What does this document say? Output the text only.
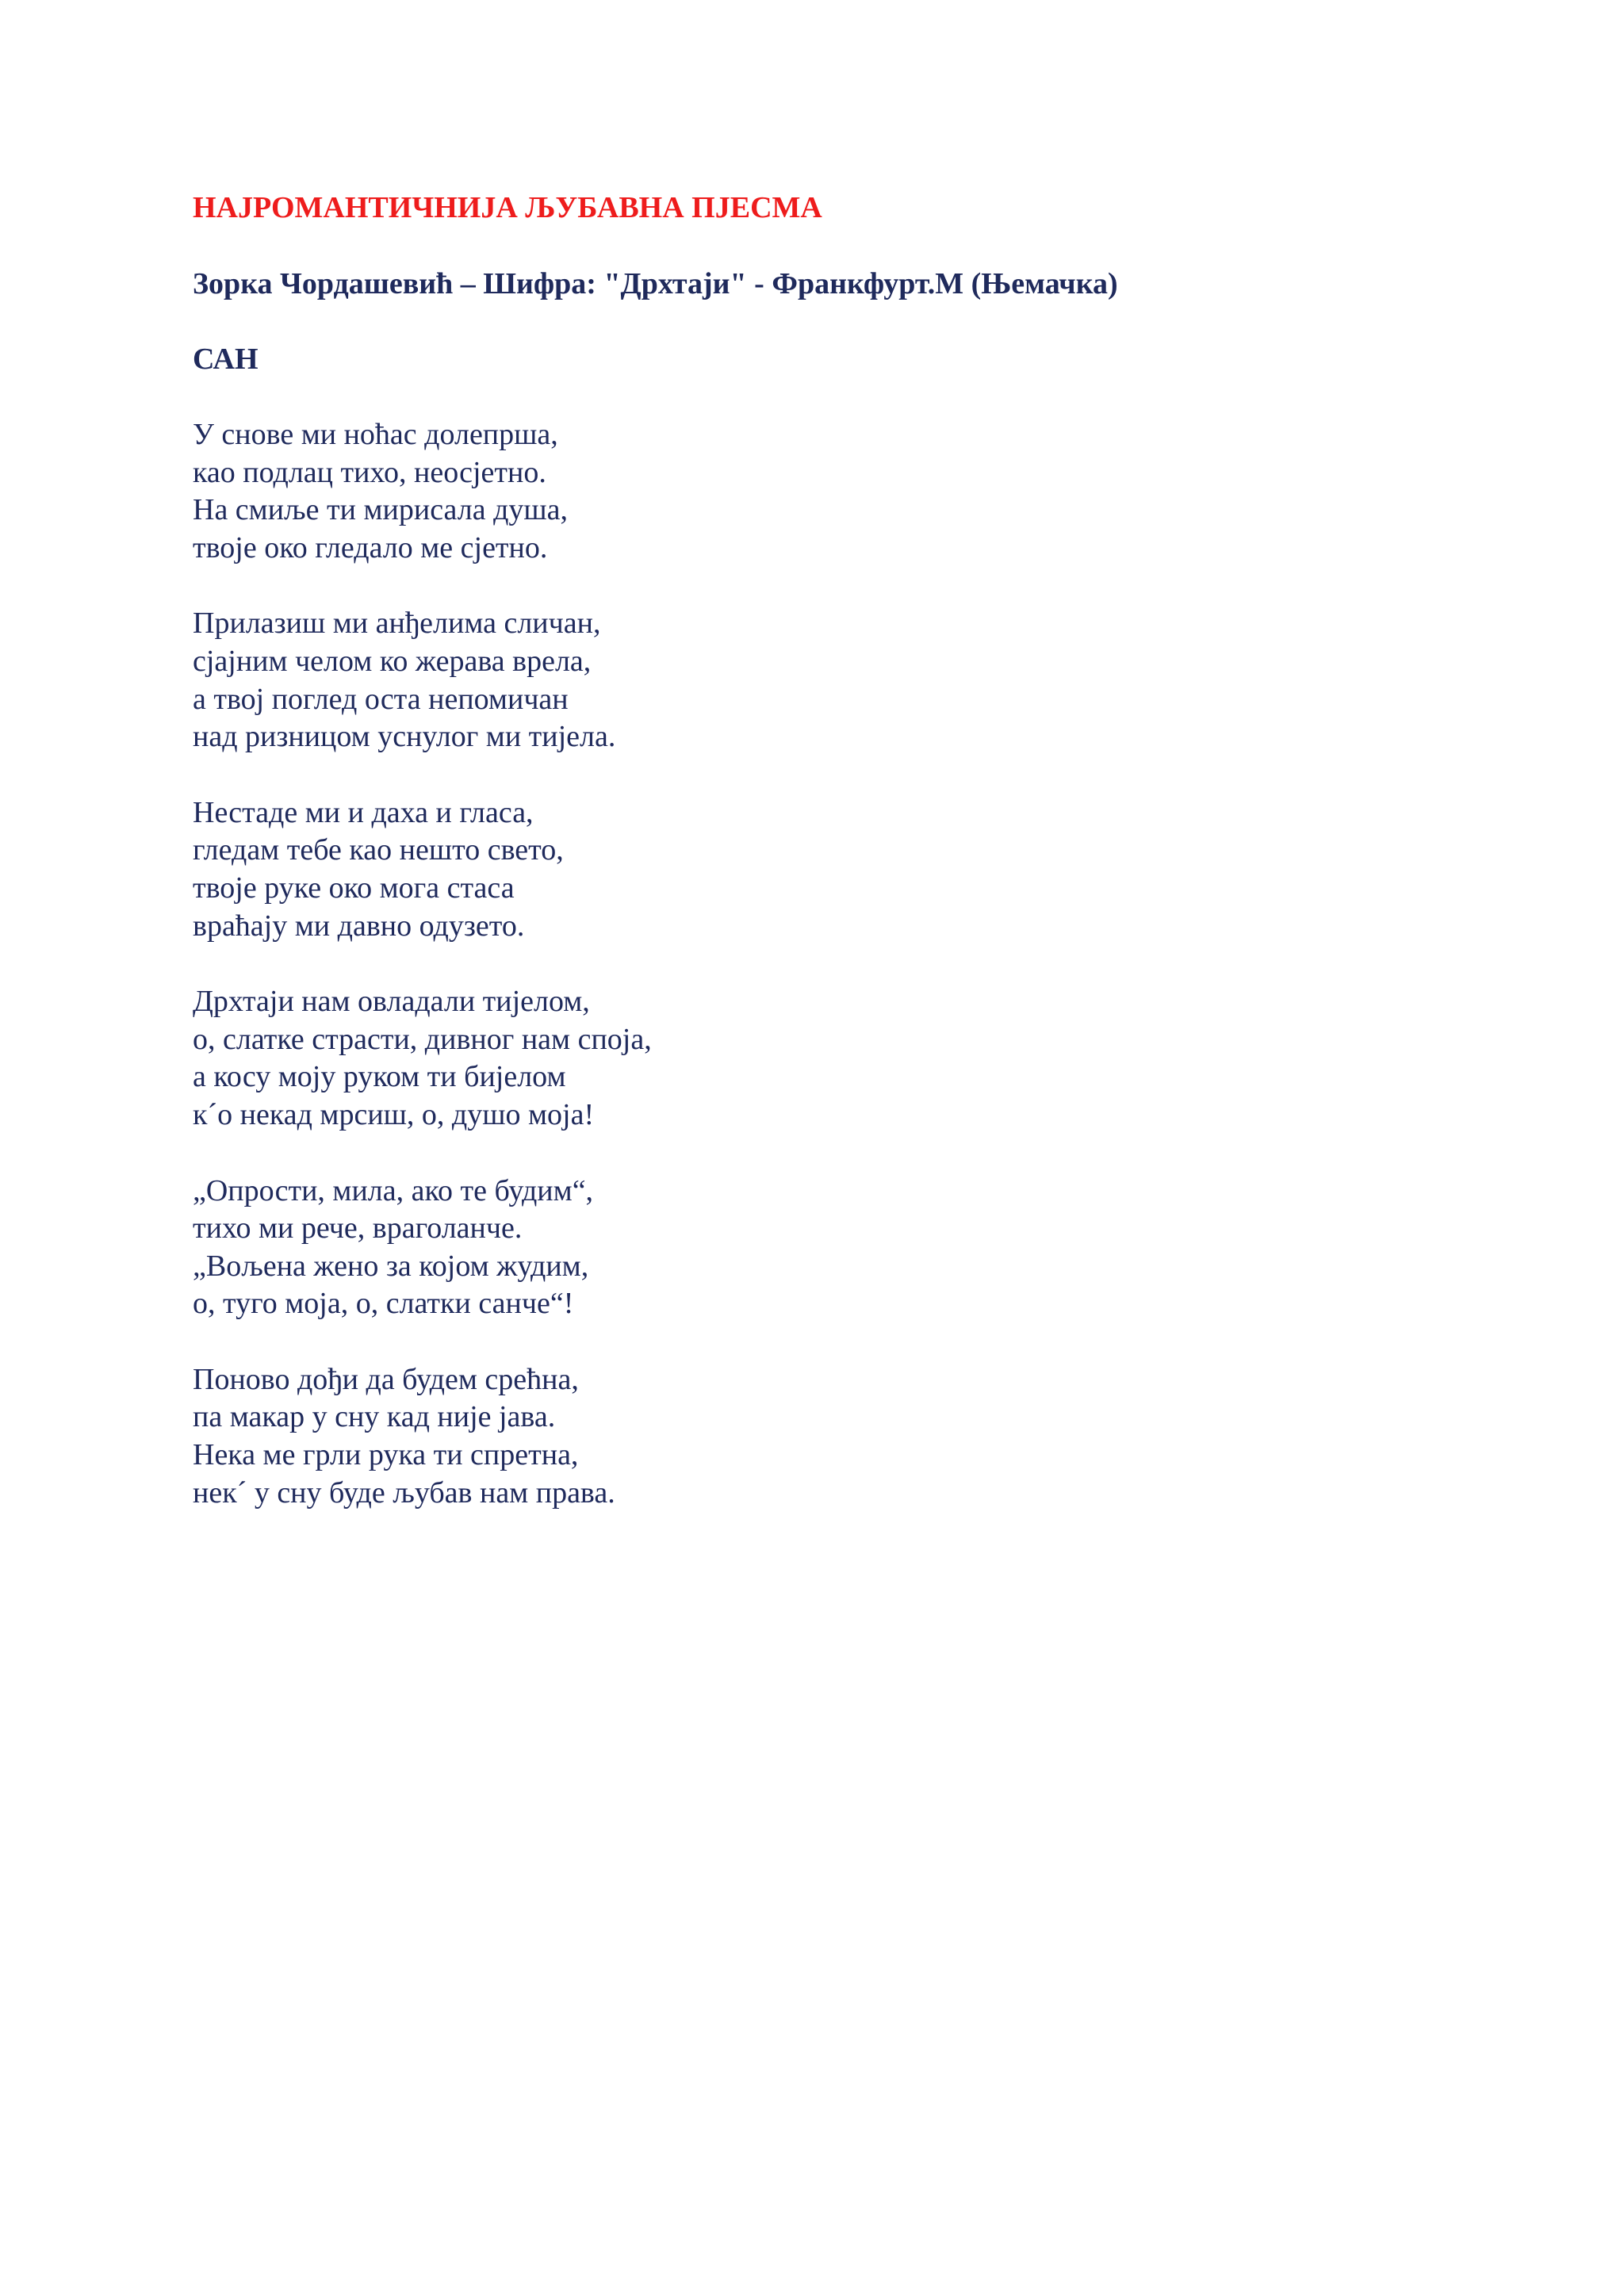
НАЈРОМАНТИЧНИЈА ЉУБАВНА ПЈЕСМА

Зорка Чордашевић – Шифра: "Дрхтаји" - Франкфурт.М (Њемачка)

САН
У снове ми ноћас долепрша,
као подлац тихо, неосјетно.
На смиље ти мирисала душа,
твоје око гледало ме сјетно.
Прилазиш ми анђелима сличан,
сјајним челом ко жерава врела,
а твој поглед оста непомичан
над ризницом уснулог ми тијела.
Нестаде ми и даха и гласа,
гледам тебе као нешто свето,
твоје руке око мога стаса
враћају ми давно одузето.
Дрхтаји нам овладали тијелом,
о, слатке страсти, дивног нам споја,
а косу моју руком ти бијелом
к´о некад мрсиш, о, душо моја!
„Опрости, мила, ако те будим“,
тихо ми рече, враголанче.
„Вољена жено за којом жудим,
о, туго моја, о, слатки санче“!
Поново дођи да будем срећна,
па макар у сну кад није јава.
Нека ме грли рука ти спретна,
нек´ у сну буде љубав нам права.
